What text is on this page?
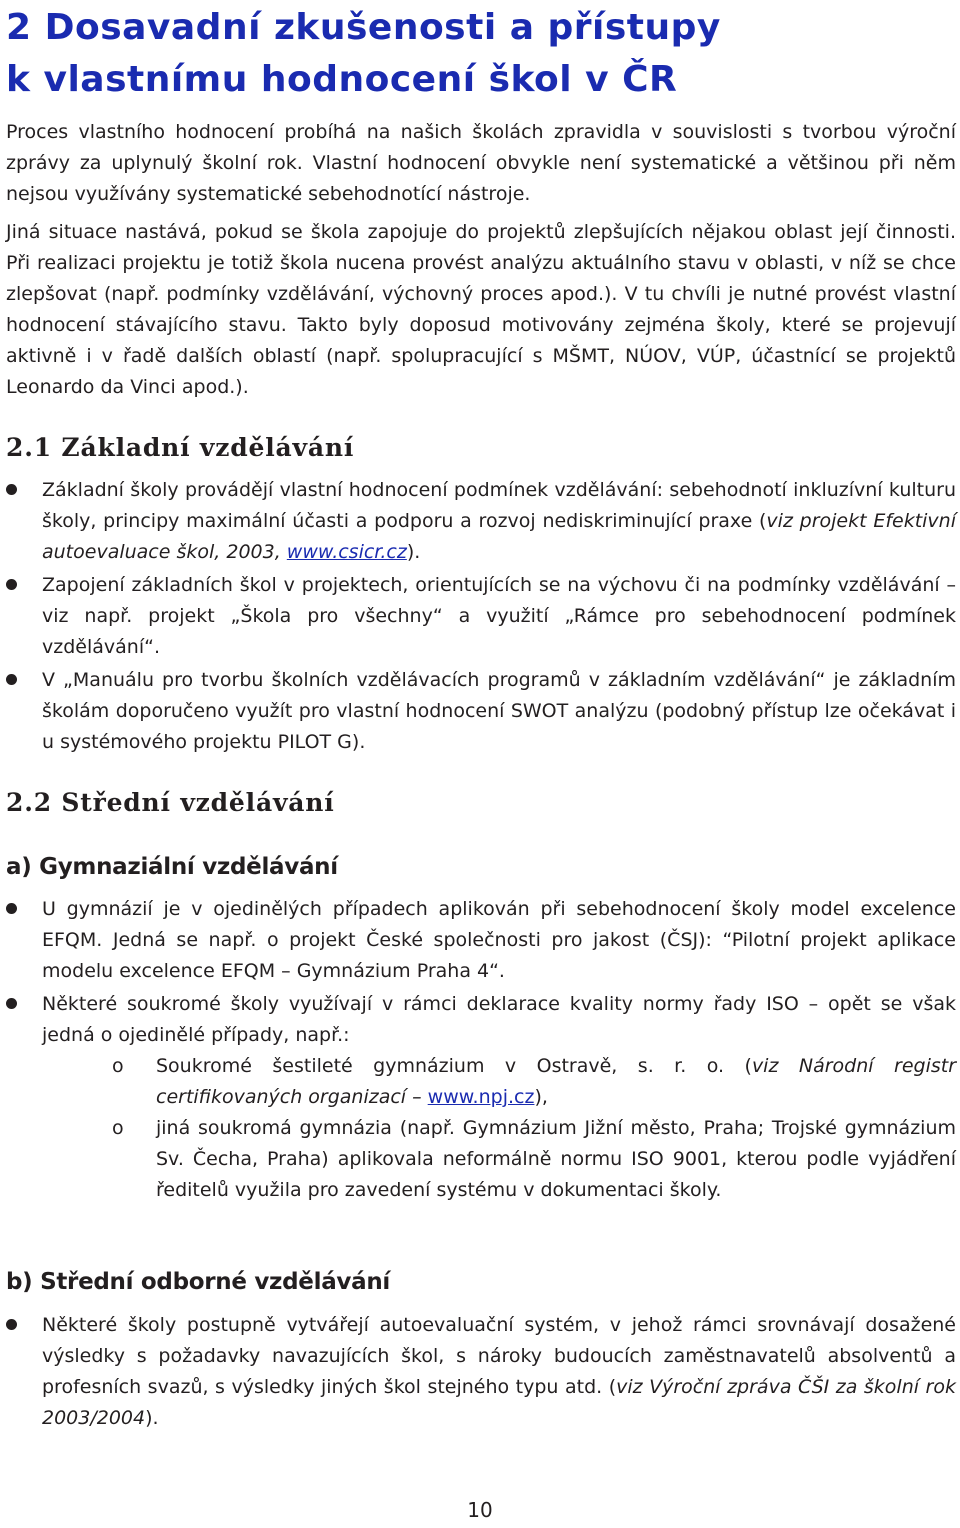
2 Dosavadní zkušenosti a přístupy
k vlastnímu hodnocení škol v ČR

Proces vlastního hodnocení probíhá na našich školách zpravidla v souvislosti s tvorbou výroční zprávy za uplynulý školní rok. Vlastní hodnocení obvykle není systematické a většinou při něm nejsou využívány systematické sebehodnotící nástroje.

Jiná situace nastává, pokud se škola zapojuje do projektů zlepšujících nějakou oblast její činnosti. Při realizaci projektu je totiž škola nucena provést analýzu aktuálního stavu v oblasti, v níž se chce zlepšovat (např. podmínky vzdělávání, výchovný proces apod.). V tu chvíli je nutné provést vlastní hodnocení stávajícího stavu. Takto byly doposud motivovány zejména školy, které se projevují aktivně i v řadě dalších oblastí (např. spolupracující s MŠMT, NÚOV, VÚP, účastnící se projektů Leonardo da Vinci apod.).

2.1 Základní vzdělávání

Základní školy provádějí vlastní hodnocení podmínek vzdělávání: sebehodnotí inkluzívní kulturu školy, principy maximální účasti a podporu a rozvoj nediskriminující praxe (viz projekt Efektivní autoevaluace škol, 2003, www.csicr.cz).

Zapojení základních škol v projektech, orientujících se na výchovu či na podmínky vzdělávání – viz např. projekt „Škola pro všechny“ a využití „Rámce pro sebehodnocení podmínek vzdělávání“.

V „Manuálu pro tvorbu školních vzdělávacích programů v základním vzdělávání“ je základním školám doporučeno využít pro vlastní hodnocení SWOT analýzu (podobný přístup lze očekávat i u systémového projektu PILOT G).

2.2 Střední vzdělávání
a) Gymnaziální vzdělávání

U gymnázií je v ojedinělých případech aplikován při sebehodnocení školy model excelence EFQM. Jedná se např. o projekt České společnosti pro jakost (ČSJ): “Pilotní projekt aplikace modelu excelence EFQM – Gymnázium Praha 4“.

Některé soukromé školy využívají v rámci deklarace kvality normy řady ISO – opět se však jedná o ojedinělé případy, např.:

o Soukromé šestileté gymnázium v Ostravě, s. r. o. (viz Národní registr certifikovaných organizací – www.npj.cz),

o jiná soukromá gymnázia (např. Gymnázium Jižní město, Praha; Trojské gymnázium Sv. Čecha, Praha) aplikovala neformálně normu ISO 9001, kterou podle vyjádření ředitelů využila pro zavedení systému v dokumentaci školy.

b) Střední odborné vzdělávání

Některé školy postupně vytvářejí autoevaluační systém, v jehož rámci srovnávají dosažené výsledky s požadavky navazujících škol, s nároky budoucích zaměstnavatelů absolventů a profesních svazů, s výsledky jiných škol stejného typu atd. (viz Výroční zpráva ČŠI za školní rok 2003/2004).

10
